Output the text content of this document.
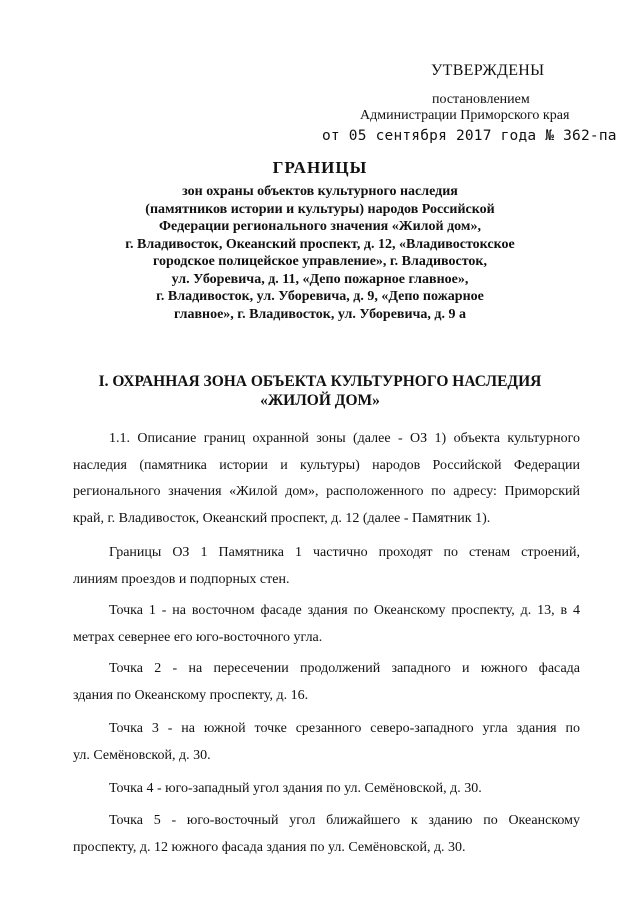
УТВЕРЖДЕНЫ
постановлением
Администрации Приморского края
от 05 сентября 2017 года № 362-па
ГРАНИЦЫ
зон охраны объектов культурного наследия
(памятников истории и культуры) народов Российской
Федерации регионального значения «Жилой дом»,
г. Владивосток, Океанский проспект, д. 12, «Владивостокское
городское полицейское управление», г. Владивосток,
ул. Уборевича, д. 11, «Депо пожарное главное»,
г. Владивосток, ул. Уборевича, д. 9, «Депо пожарное
главное», г. Владивосток, ул. Уборевича, д. 9 а
I. ОХРАННАЯ ЗОНА ОБЪЕКТА КУЛЬТУРНОГО НАСЛЕДИЯ
«ЖИЛОЙ ДОМ»
1.1. Описание границ охранной зоны (далее - ОЗ 1) объекта культурного
наследия (памятника истории и культуры) народов Российской Федерации
регионального значения «Жилой дом», расположенного по адресу: Приморский
край, г. Владивосток, Океанский проспект, д. 12 (далее - Памятник 1).
Границы ОЗ 1 Памятника 1 частично проходят по стенам строений,
линиям проездов и подпорных стен.
Точка 1 - на восточном фасаде здания по Океанскому проспекту, д. 13, в 4
метрах севернее его юго-восточного угла.
Точка 2 - на пересечении продолжений западного и южного фасада
здания по Океанскому проспекту, д. 16.
Точка 3 - на южной точке срезанного северо-западного угла здания по
ул. Семёновской, д. 30.
Точка 4 - юго-западный угол здания по ул. Семёновской, д. 30.
Точка 5 - юго-восточный угол ближайшего к зданию по Океанскому
проспекту, д. 12 южного фасада здания по ул. Семёновской, д. 30.
